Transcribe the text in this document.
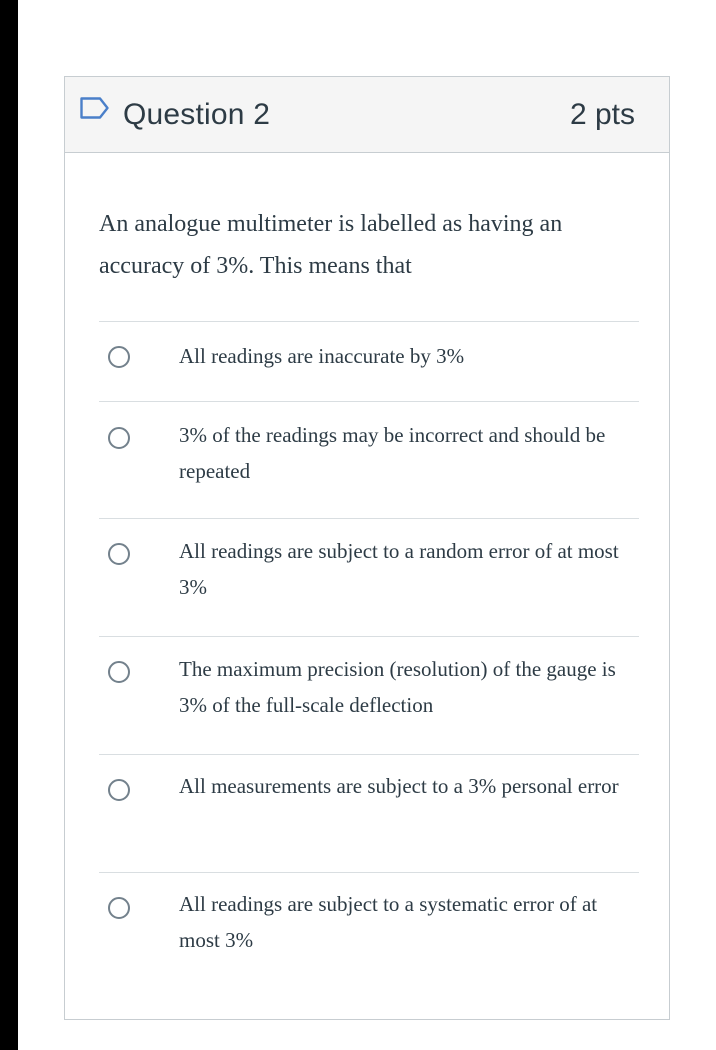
Question 2	2 pts
An analogue multimeter is labelled as having an accuracy of 3%. This means that
All readings are inaccurate by 3%
3% of the readings may be incorrect and should be repeated
All readings are subject to a random error of at most 3%
The maximum precision (resolution) of the gauge is 3% of the full-scale deflection
All measurements are subject to a 3% personal error
All readings are subject to a systematic error of at most 3%
